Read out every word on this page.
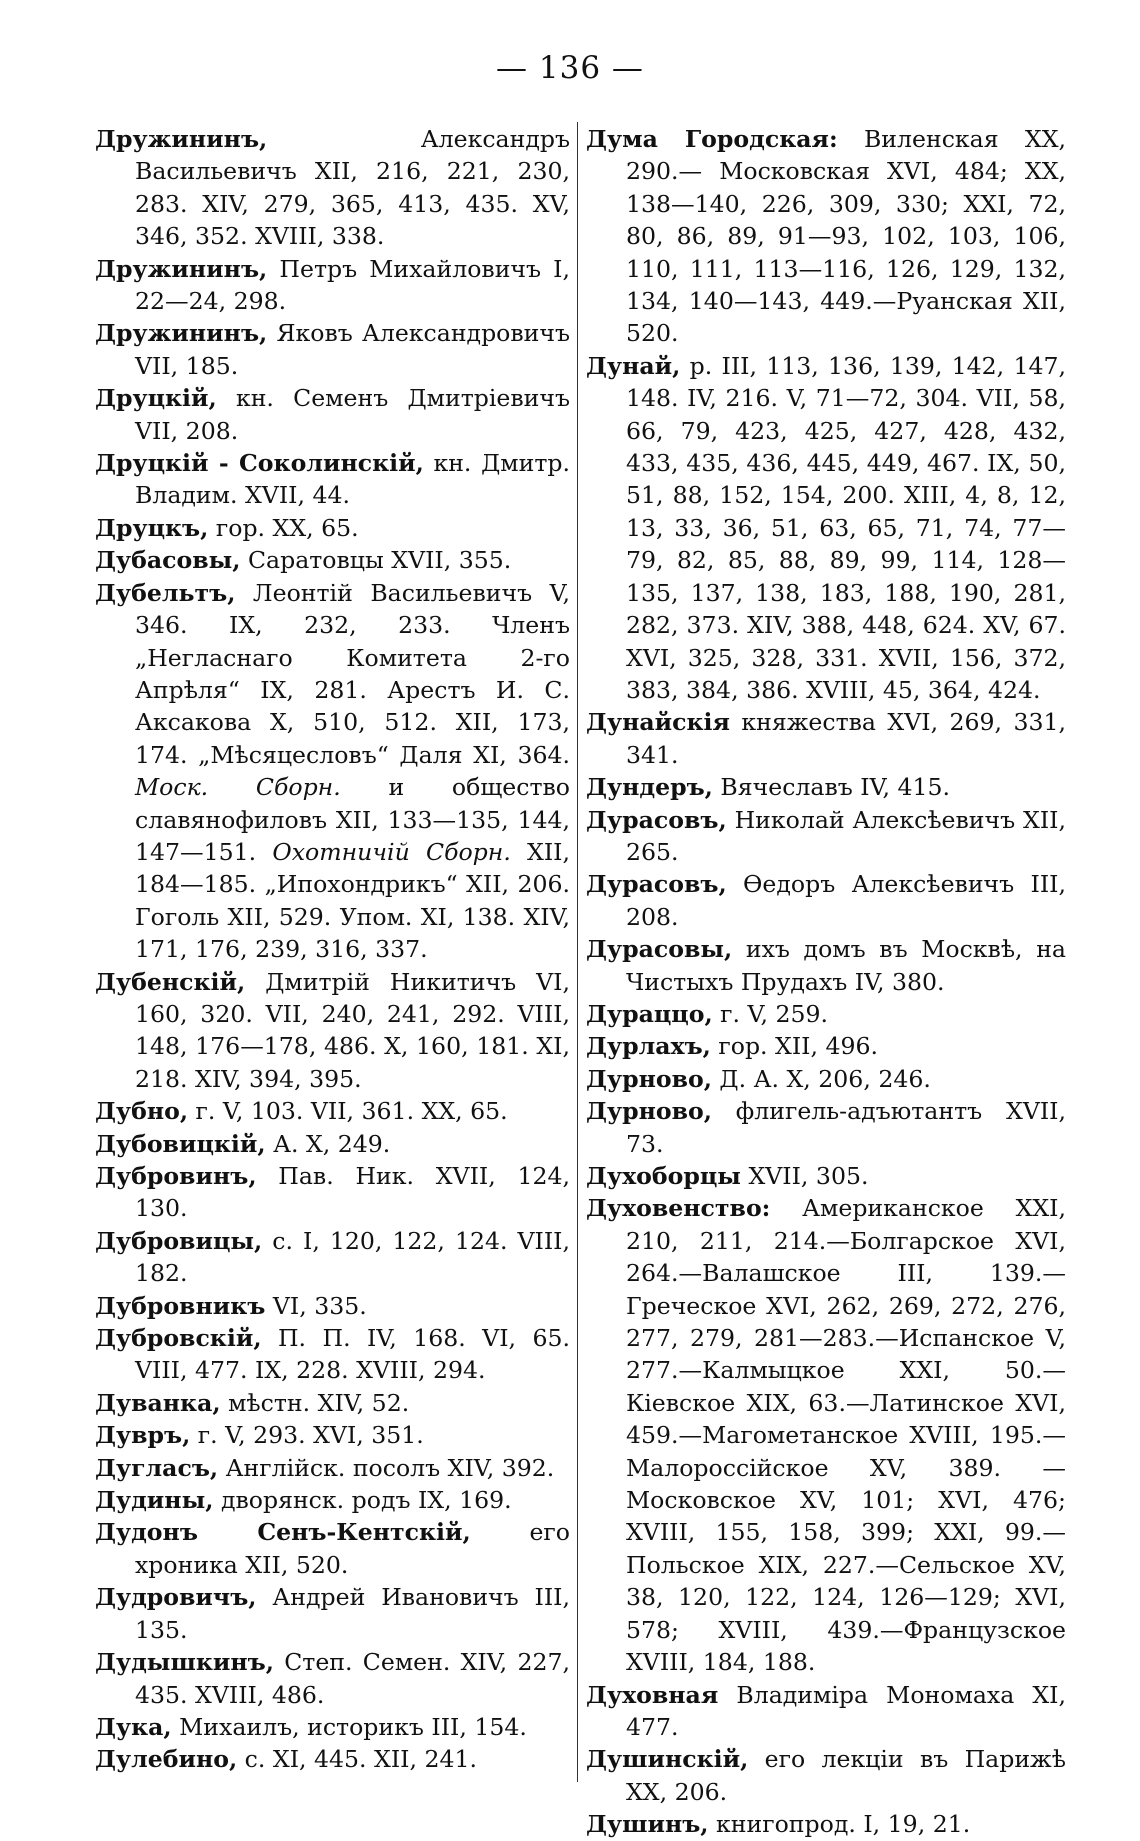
— 136 —

Дружининъ, Александръ Васильевичъ XII, 216, 221, 230, 283. XIV, 279, 365, 413, 435. XV, 346, 352. XVIII, 338.

Дружининъ, Петръ Михайловичъ I, 22—24, 298.

Дружининъ, Яковъ Александровичъ VII, 185.

Друцкій, кн. Семенъ Дмитріевичъ VII, 208.

Друцкій - Соколинскій, кн. Дмитр. Владим. XVII, 44.

Друцкъ, гор. XX, 65.

Дубасовы, Саратовцы XVII, 355.

Дубельтъ, Леонтій Васильевичъ V, 346. IX, 232, 233. Членъ „Негласнаго Комитета 2-го Апрѣля“ IX, 281. Арестъ И. С. Аксакова X, 510, 512. XII, 173, 174. „Мѣсяцесловъ“ Даля XI, 364. Моск. Сборн. и общество славянофиловъ XII, 133—135, 144, 147—151. Охотничій Сборн. XII, 184—185. „Ипохондрикъ“ XII, 206. Гоголь XII, 529. Упом. XI, 138. XIV, 171, 176, 239, 316, 337.

Дубенскій, Дмитрій Никитичъ VI, 160, 320. VII, 240, 241, 292. VIII, 148, 176—178, 486. X, 160, 181. XI, 218. XIV, 394, 395.

Дубно, г. V, 103. VII, 361. XX, 65.

Дубовицкій, А. X, 249.

Дубровинъ, Пав. Ник. XVII, 124, 130.

Дубровицы, с. I, 120, 122, 124. VIII, 182.

Дубровникъ VI, 335.

Дубровскій, П. П. IV, 168. VI, 65. VIII, 477. IX, 228. XVIII, 294.

Дуванка, мѣстн. XIV, 52.

Дувръ, г. V, 293. XVI, 351.

Дугласъ, Англійск. посолъ XIV, 392.

Дудины, дворянск. родъ IX, 169.

Дудонъ Сенъ-Кентскій, его хроника XII, 520.

Дудровичъ, Андрей Ивановичъ III, 135.

Дудышкинъ, Степ. Семен. XIV, 227, 435. XVIII, 486.

Дука, Михаилъ, историкъ III, 154.

Дулебино, с. XI, 445. XII, 241.

Дума Городская: Виленская XX, 290.— Московская XVI, 484; XX, 138—140, 226, 309, 330; XXI, 72, 80, 86, 89, 91—93, 102, 103, 106, 110, 111, 113—116, 126, 129, 132, 134, 140—143, 449.—Руанская XII, 520.

Дунай, р. III, 113, 136, 139, 142, 147, 148. IV, 216. V, 71—72, 304. VII, 58, 66, 79, 423, 425, 427, 428, 432, 433, 435, 436, 445, 449, 467. IX, 50, 51, 88, 152, 154, 200. XIII, 4, 8, 12, 13, 33, 36, 51, 63, 65, 71, 74, 77—79, 82, 85, 88, 89, 99, 114, 128—135, 137, 138, 183, 188, 190, 281, 282, 373. XIV, 388, 448, 624. XV, 67. XVI, 325, 328, 331. XVII, 156, 372, 383, 384, 386. XVIII, 45, 364, 424.

Дунайскія княжества XVI, 269, 331, 341.

Дундеръ, Вячеславъ IV, 415.

Дурасовъ, Николай Алексѣевичъ XII, 265.

Дурасовъ, Ѳедоръ Алексѣевичъ III, 208.

Дурасовы, ихъ домъ въ Москвѣ, на Чистыхъ Прудахъ IV, 380.

Дураццо, г. V, 259.

Дурлахъ, гор. XII, 496.

Дурново, Д. А. X, 206, 246.

Дурново, флигель-адъютантъ XVII, 73.

Духоборцы XVII, 305.

Духовенство: Американское XXI, 210, 211, 214.—Болгарское XVI, 264.—Валашское III, 139.—Греческое XVI, 262, 269, 272, 276, 277, 279, 281—283.—Испанское V, 277.—Калмыцкое XXI, 50.—Кіевское XIX, 63.—Латинское XVI, 459.—Магометанское XVIII, 195.—Малороссійское XV, 389. — Московское XV, 101; XVI, 476; XVIII, 155, 158, 399; XXI, 99.—Польское XIX, 227.—Сельское XV, 38, 120, 122, 124, 126—129; XVI, 578; XVIII, 439.—Французское XVIII, 184, 188.

Духовная Владиміра Мономаха XI, 477.

Душинскій, его лекціи въ Парижѣ XX, 206.

Душинъ, книгопрод. I, 19, 21.
